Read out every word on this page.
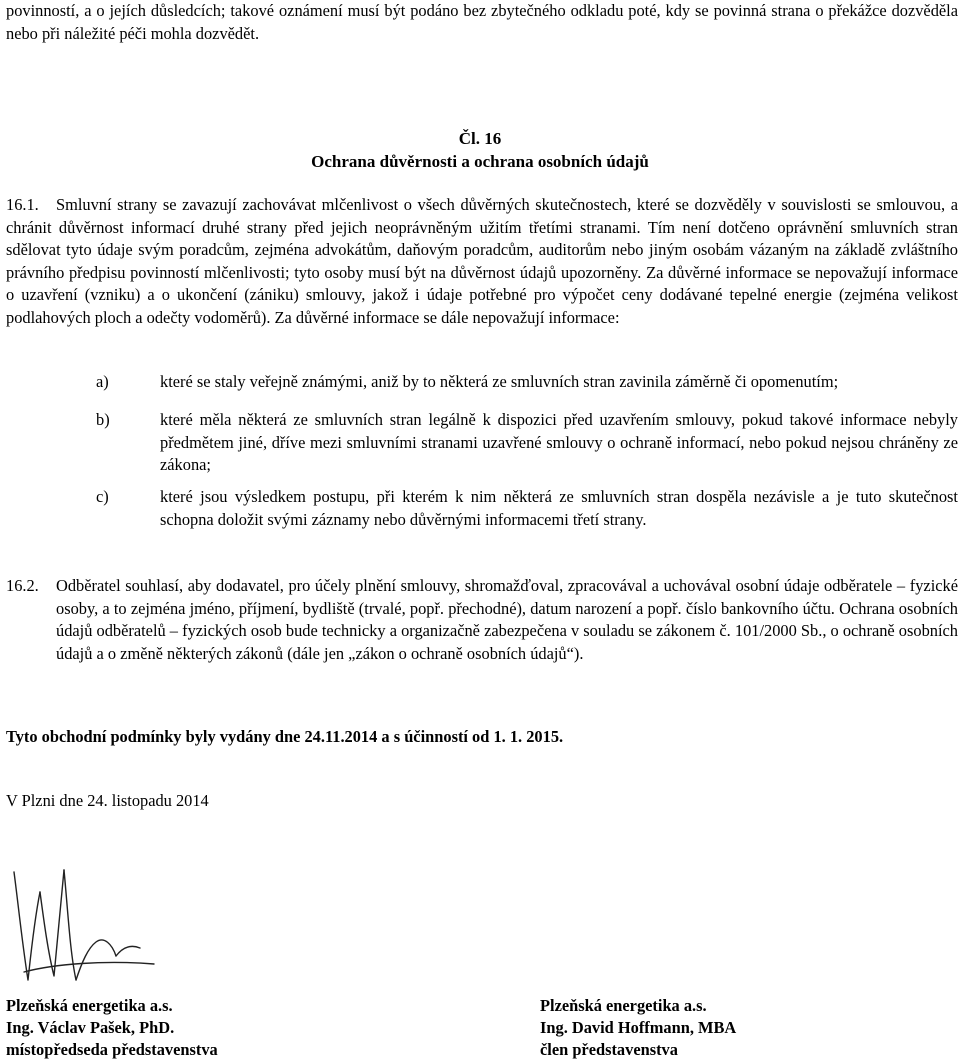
povinností, a o jejích důsledcích; takové oznámení musí být podáno bez zbytečného odkladu poté, kdy se povinná strana o překážce dozvěděla nebo při náležité péči mohla dozvědět.
Čl. 16
Ochrana důvěrnosti a ochrana osobních údajů
16.1.	Smluvní strany se zavazují zachovávat mlčenlivost o všech důvěrných skutečnostech, které se dozvěděly v souvislosti se smlouvou, a chránit důvěrnost informací druhé strany před jejich neoprávněným užitím třetími stranami. Tím není dotčeno oprávnění smluvních stran sdělovat tyto údaje svým poradcům, zejména advokátům, daňovým poradcům, auditorům nebo jiným osobám vázaným na základě zvláštního právního předpisu povinností mlčenlivosti; tyto osoby musí být na důvěrnost údajů upozorněny. Za důvěrné informace se nepovažují informace o uzavření (vzniku) a o ukončení (zániku) smlouvy, jakož i údaje potřebné pro výpočet ceny dodávané tepelné energie (zejména velikost podlahových ploch a odečty vodoměrů). Za důvěrné informace se dále nepovažují informace:
a)	které se staly veřejně známými, aniž by to některá ze smluvních stran zavinila záměrně či opomenutím;
b)	které měla některá ze smluvních stran legálně k dispozici před uzavřením smlouvy, pokud takové informace nebyly předmětem jiné, dříve mezi smluvními stranami uzavřené smlouvy o ochraně informací, nebo pokud nejsou chráněny ze zákona;
c)	které jsou výsledkem postupu, při kterém k nim některá ze smluvních stran dospěla nezávisle a je tuto skutečnost schopna doložit svými záznamy nebo důvěrnými informacemi třetí strany.
16.2. Odběratel souhlasí, aby dodavatel, pro účely plnění smlouvy, shromažďoval, zpracovával a uchovával osobní údaje odběratele – fyzické osoby, a to zejména jméno, příjmení, bydliště (trvalé, popř. přechodné), datum narození a popř. číslo bankovního účtu. Ochrana osobních údajů odběratelů – fyzických osob bude technicky a organizačně zabezpečena v souladu se zákonem č. 101/2000 Sb., o ochraně osobních údajů a o změně některých zákonů (dále jen „zákon o ochraně osobních údajů“).
Tyto obchodní podmínky byly vydány dne 24.11.2014 a s účinností od 1. 1. 2015.
V Plzni dne 24. listopadu 2014
Plzeňská energetika a.s.
Ing. Václav Pašek, PhD.
místopředseda představenstva
Plzeňská energetika a.s.
Ing. David Hoffmann, MBA
člen představenstva
